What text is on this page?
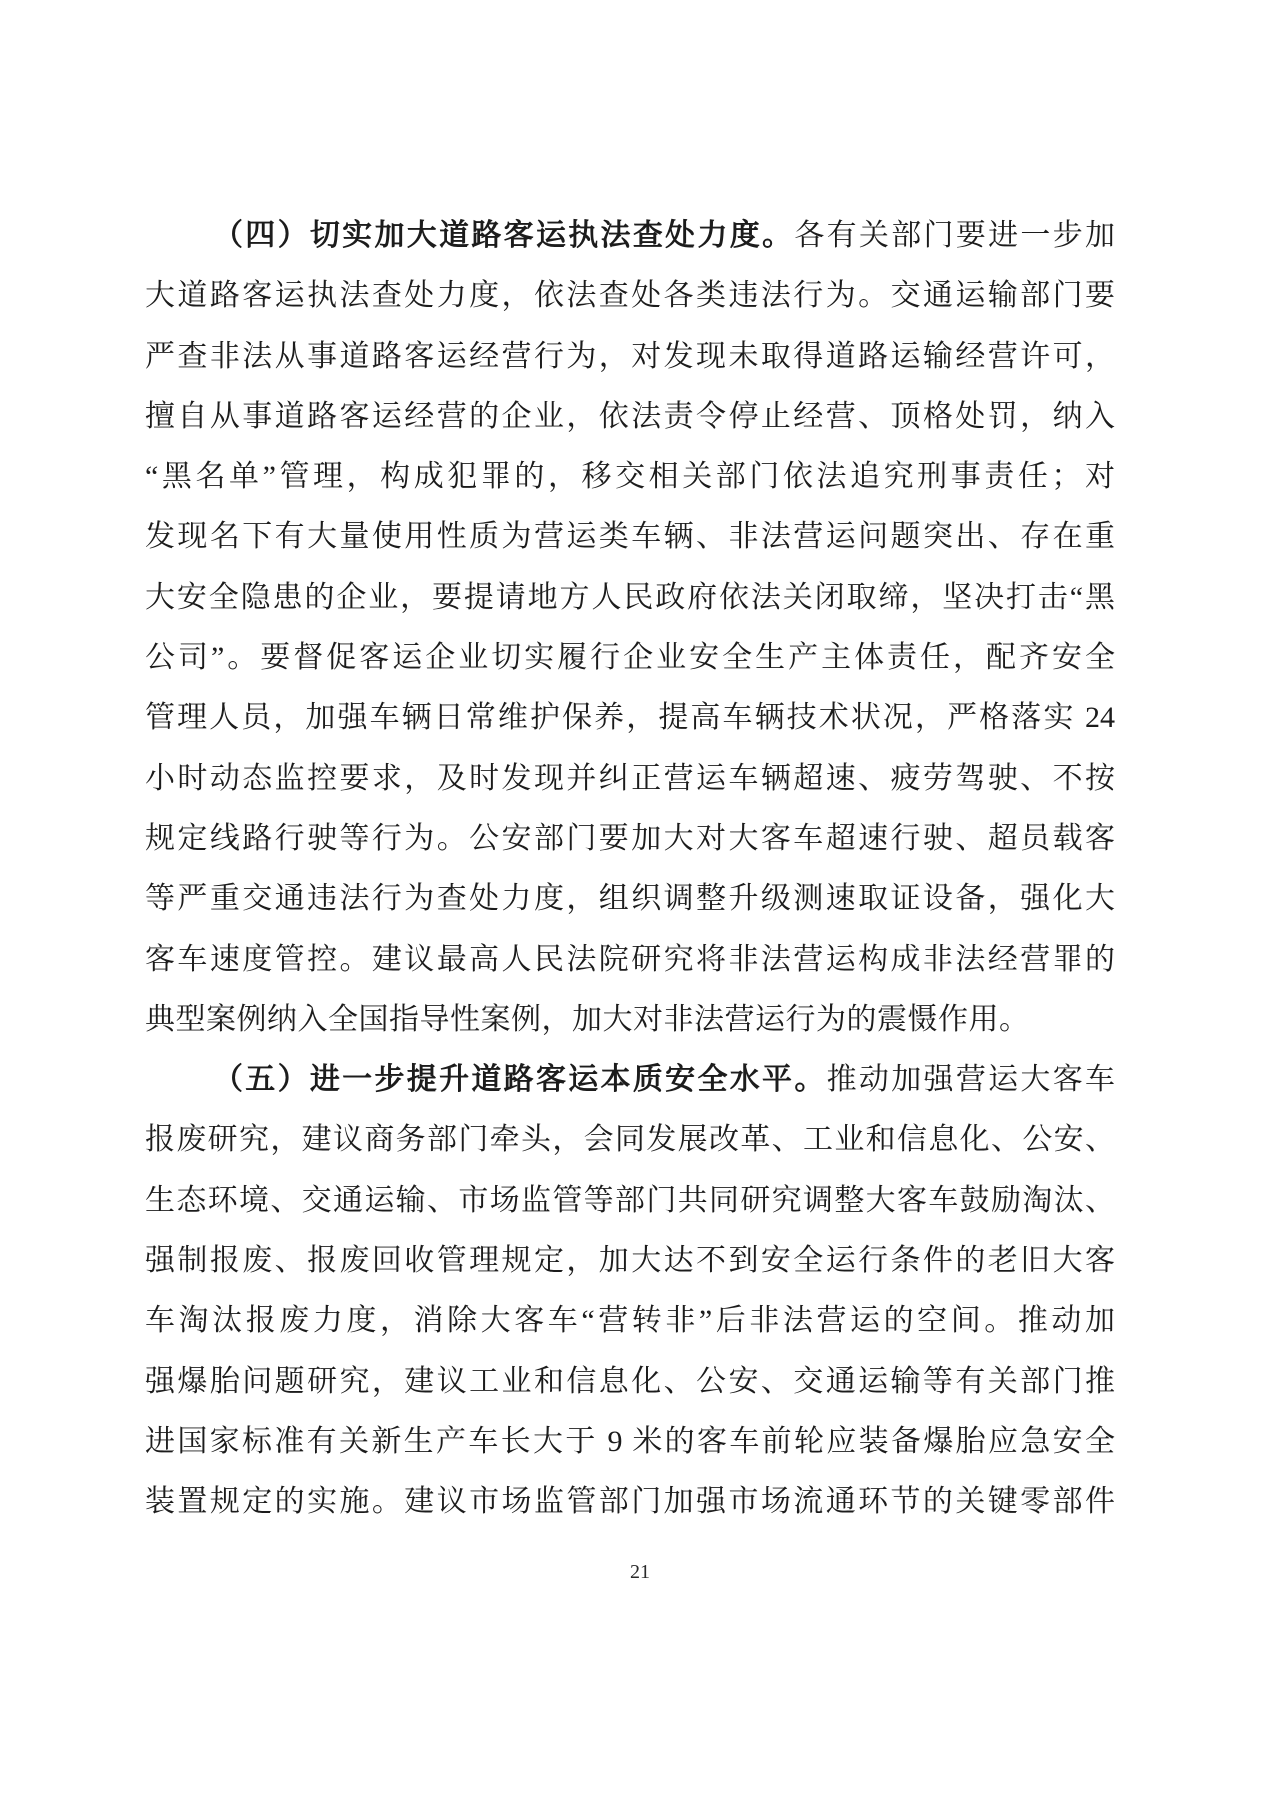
（四）切实加大道路客运执法查处力度。各有关部门要进一步加
大道路客运执法查处力度，依法查处各类违法行为。交通运输部门要
严查非法从事道路客运经营行为，对发现未取得道路运输经营许可，
擅自从事道路客运经营的企业，依法责令停止经营、顶格处罚，纳入
“黑名单”管理，构成犯罪的，移交相关部门依法追究刑事责任；对
发现名下有大量使用性质为营运类车辆、非法营运问题突出、存在重
大安全隐患的企业，要提请地方人民政府依法关闭取缔，坚决打击“黑
公司”。要督促客运企业切实履行企业安全生产主体责任，配齐安全
管理人员，加强车辆日常维护保养，提高车辆技术状况，严格落实 24
小时动态监控要求，及时发现并纠正营运车辆超速、疲劳驾驶、不按
规定线路行驶等行为。公安部门要加大对大客车超速行驶、超员载客
等严重交通违法行为查处力度，组织调整升级测速取证设备，强化大
客车速度管控。建议最高人民法院研究将非法营运构成非法经营罪的
典型案例纳入全国指导性案例，加大对非法营运行为的震慑作用。
（五）进一步提升道路客运本质安全水平。推动加强营运大客车
报废研究，建议商务部门牵头，会同发展改革、工业和信息化、公安、
生态环境、交通运输、市场监管等部门共同研究调整大客车鼓励淘汰、
强制报废、报废回收管理规定，加大达不到安全运行条件的老旧大客
车淘汰报废力度，消除大客车“营转非”后非法营运的空间。推动加
强爆胎问题研究，建议工业和信息化、公安、交通运输等有关部门推
进国家标准有关新生产车长大于 9 米的客车前轮应装备爆胎应急安全
装置规定的实施。建议市场监管部门加强市场流通环节的关键零部件
21
